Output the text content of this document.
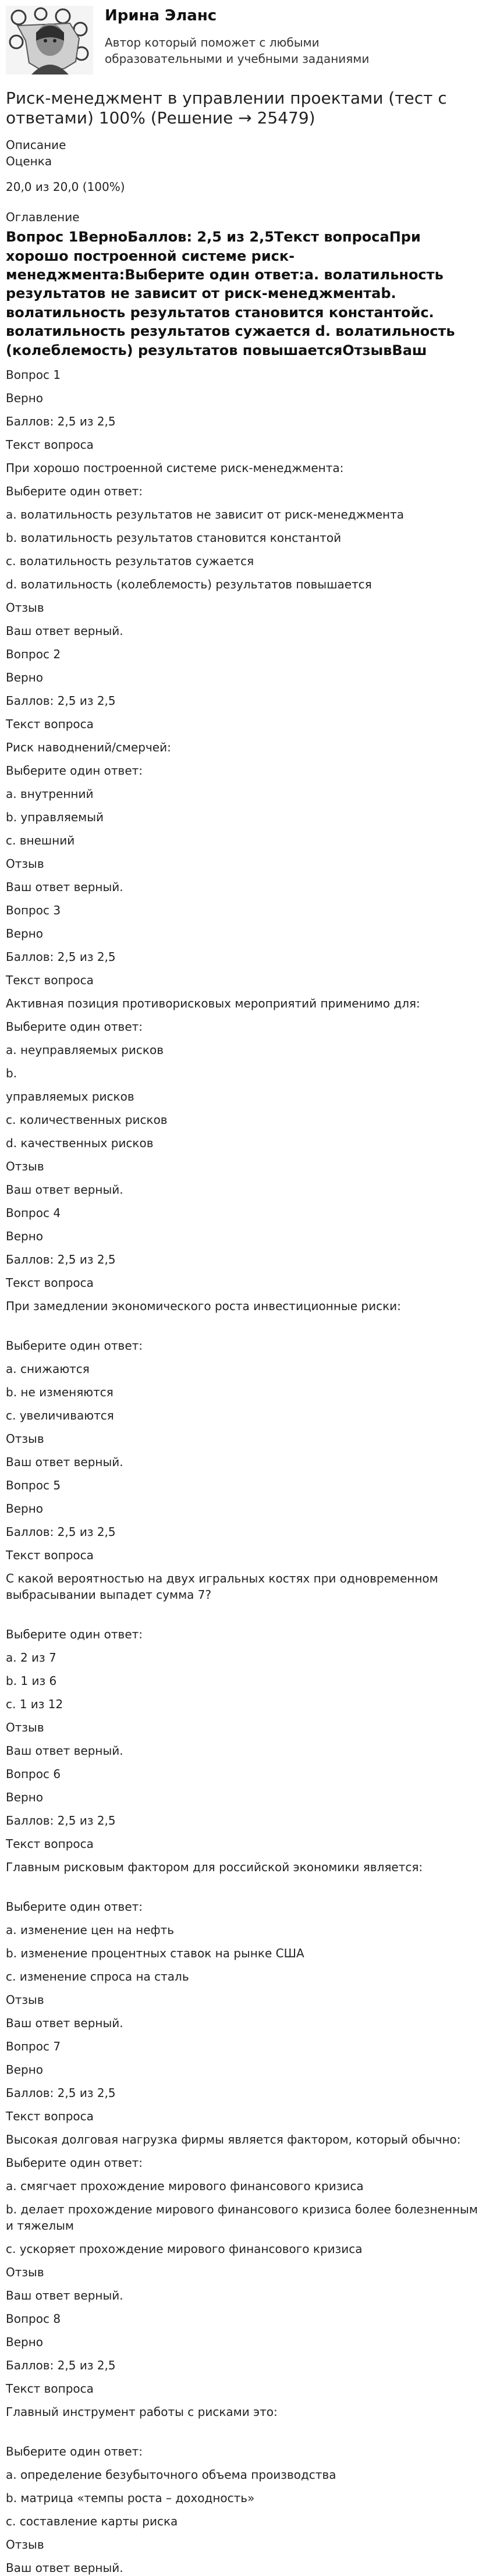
Ирина Эланс
Автор который поможет с любыми образовательными и учебными заданиями
Риск-менеджмент в управлении проектами (тест с ответами) 100% (Решение → 25479)
Описание
Оценка
20,0 из 20,0 (100%)
Оглавление
Вопрос 1ВерноБаллов: 2,5 из 2,5Текст вопросаПри хорошо построенной системе риск-менеджмента:Выберите один ответ:a. волатильность результатов не зависит от риск-менеджментаb. волатильность результатов становится константойc. волатильность результатов сужается d. волатильность (колеблемость) результатов повышаетсяОтзывВаш
Вопрос 1
Верно
Баллов: 2,5 из 2,5
Текст вопроса
При хорошо построенной системе риск-менеджмента:
Выберите один ответ:
a. волатильность результатов не зависит от риск-менеджмента
b. волатильность результатов становится константой
c. волатильность результатов сужается
d. волатильность (колеблемость) результатов повышается
Отзыв
Ваш ответ верный.
Вопрос 2
Верно
Баллов: 2,5 из 2,5
Текст вопроса
Риск наводнений/смерчей:
Выберите один ответ:
a. внутренний
b. управляемый
c. внешний
Отзыв
Ваш ответ верный.
Вопрос 3
Верно
Баллов: 2,5 из 2,5
Текст вопроса
Активная позиция противорисковых мероприятий применимо для:
Выберите один ответ:
a. неуправляемых рисков
b.
управляемых рисков
c. количественных рисков
d. качественных рисков
Отзыв
Ваш ответ верный.
Вопрос 4
Верно
Баллов: 2,5 из 2,5
Текст вопроса
При замедлении экономического роста инвестиционные риски:
Выберите один ответ:
a. снижаются
b. не изменяются
c. увеличиваются
Отзыв
Ваш ответ верный.
Вопрос 5
Верно
Баллов: 2,5 из 2,5
Текст вопроса
С какой вероятностью на двух игральных костях при одновременном выбрасывании выпадет сумма 7?
Выберите один ответ:
a. 2 из 7
b. 1 из 6
c. 1 из 12
Отзыв
Ваш ответ верный.
Вопрос 6
Верно
Баллов: 2,5 из 2,5
Текст вопроса
Главным рисковым фактором для российской экономики является:
Выберите один ответ:
a. изменение цен на нефть
b. изменение процентных ставок на рынке США
c. изменение спроса на сталь
Отзыв
Ваш ответ верный.
Вопрос 7
Верно
Баллов: 2,5 из 2,5
Текст вопроса
Высокая долговая нагрузка фирмы является фактором, который обычно:
Выберите один ответ:
a. смягчает прохождение мирового финансового кризиса
b. делает прохождение мирового финансового кризиса более болезненным и тяжелым
c. ускоряет прохождение мирового финансового кризиса
Отзыв
Ваш ответ верный.
Вопрос 8
Верно
Баллов: 2,5 из 2,5
Текст вопроса
Главный инструмент работы с рисками это:
Выберите один ответ:
a. определение безубыточного объема производства
b. матрица «темпы роста – доходность»
c. составление карты риска
Отзыв
Ваш ответ верный.
